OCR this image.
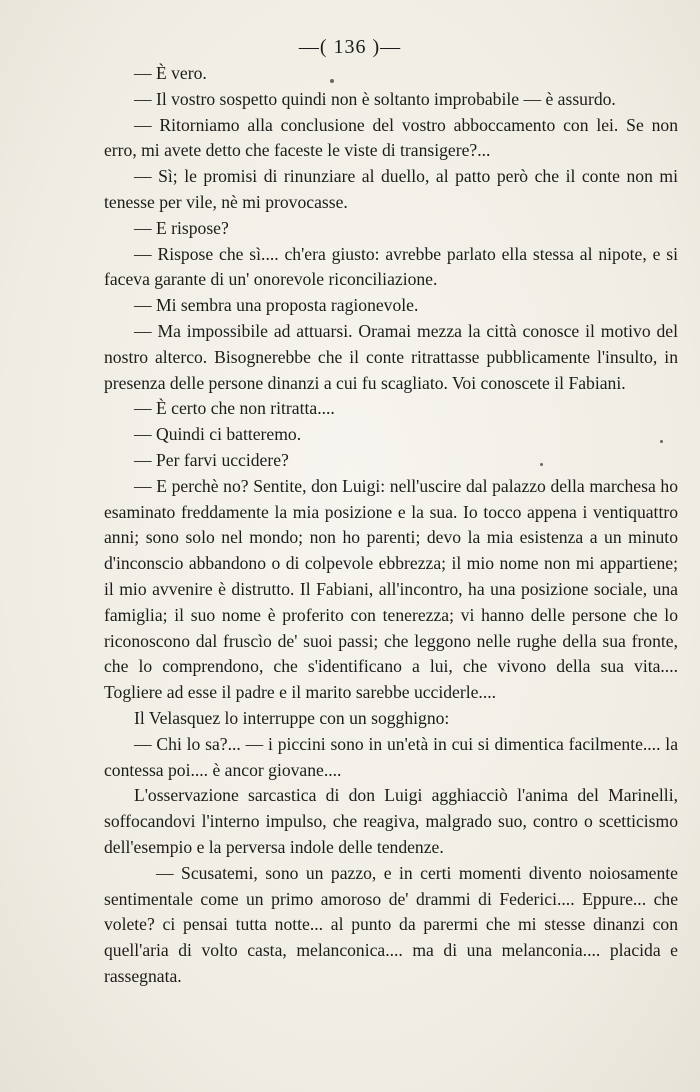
—( 136 )—

— È vero.

— Il vostro sospetto quindi non è soltanto improbabile — è assurdo.

— Ritorniamo alla conclusione del vostro abboccamento con lei. Se non erro, mi avete detto che faceste le viste di transigere?...

— Sì; le promisi di rinunziare al duello, al patto però che il conte non mi tenesse per vile, nè mi provocasse.

— E rispose?

— Rispose che sì.... ch'era giusto: avrebbe parlato ella stessa al nipote, e si faceva garante di un' onorevole riconciliazione.

— Mi sembra una proposta ragionevole.

— Ma impossibile ad attuarsi. Oramai mezza la città conosce il motivo del nostro alterco. Bisognerebbe che il conte ritrattasse pubblicamente l'insulto, in presenza delle persone dinanzi a cui fu scagliato. Voi conoscete il Fabiani.

— È certo che non ritratta....

— Quindi ci batteremo.

— Per farvi uccidere?

— E perchè no? Sentite, don Luigi: nell'uscire dal palazzo della marchesa ho esaminato freddamente la mia posizione e la sua. Io tocco appena i ventiquattro anni; sono solo nel mondo; non ho parenti; devo la mia esistenza a un minuto d'inconscio abbandono o di colpevole ebbrezza; il mio nome non mi appartiene; il mio avvenire è distrutto. Il Fabiani, all'incontro, ha una posizione sociale, una famiglia; il suo nome è proferito con tenerezza; vi hanno delle persone che lo riconoscono dal fruscìo de' suoi passi; che leggono nelle rughe della sua fronte, che lo comprendono, che s'identificano a lui, che vivono della sua vita.... Togliere ad esse il padre e il marito sarebbe ucciderle....

Il Velasquez lo interruppe con un sogghigno:

— Chi lo sa?... — i piccini sono in un'età in cui si dimentica facilmente.... la contessa poi.... è ancor giovane....

L'osservazione sarcastica di don Luigi agghiacciò l'anima del Marinelli, soffocandovi l'interno impulso, che reagiva, malgrado suo, contro o scetticismo dell'esempio e la perversa indole delle tendenze.

— Scusatemi, sono un pazzo, e in certi momenti divento noiosamente sentimentale come un primo amoroso de' drammi di Federici.... Eppure... che volete? ci pensai tutta notte... al punto da parermi che mi stesse dinanzi con quell'aria di volto casta, melanconica.... ma di una melanconia.... placida e rassegnata.
